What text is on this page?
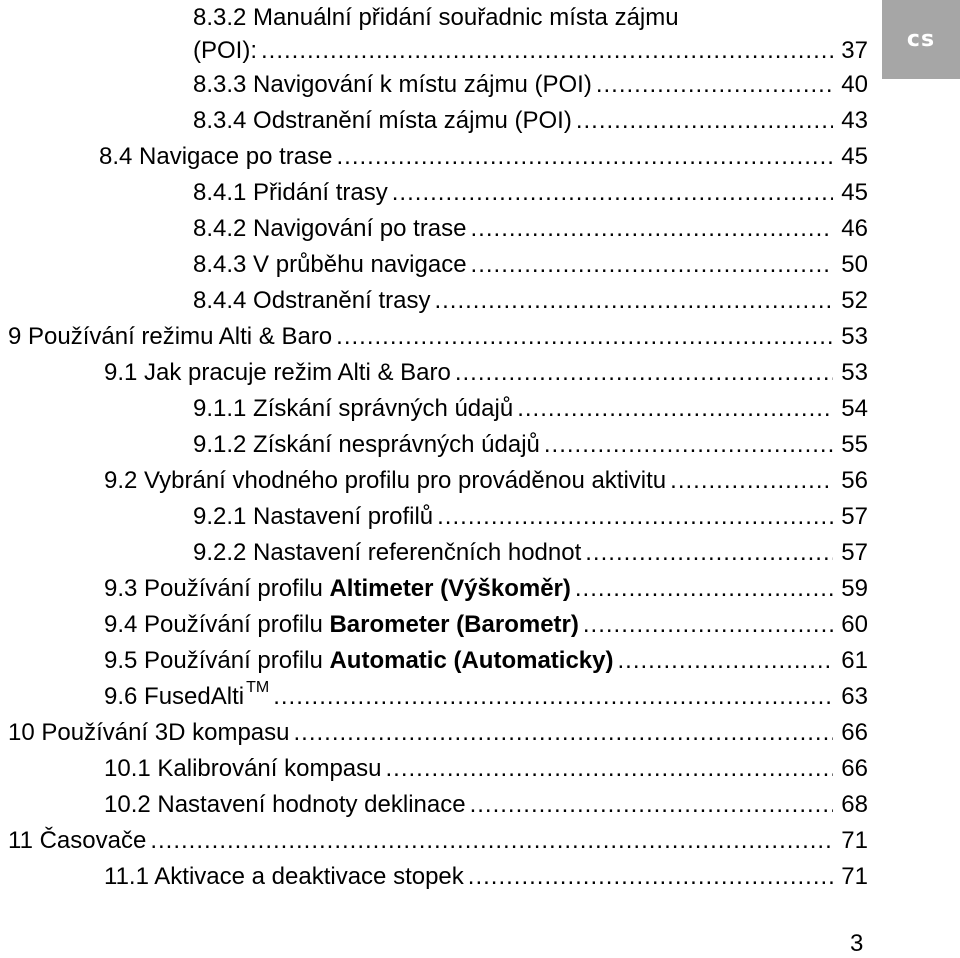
8.3.2 Manuální přidání souřadnic místa zájmu
(POI): .....	37
8.3.3 Navigování k místu zájmu (POI) .....	40
8.3.4 Odstranění místa zájmu (POI) .....	43
8.4 Navigace po trase .....	45
8.4.1 Přidání trasy .....	45
8.4.2 Navigování po trase .....	46
8.4.3 V průběhu navigace .....	50
8.4.4 Odstranění trasy .....	52
9 Používání režimu Alti & Baro .....	53
9.1 Jak pracuje režim Alti & Baro .....	53
9.1.1 Získání správných údajů .....	54
9.1.2 Získání nesprávných údajů .....	55
9.2 Vybrání vhodného profilu pro prováděnou aktivitu .....	56
9.2.1 Nastavení profilů .....	57
9.2.2 Nastavení referenčních hodnot .....	57
9.3 Používání profilu Altimeter (Výškoměr) .....	59
9.4 Používání profilu Barometer (Barometr) .....	60
9.5 Používání profilu Automatic (Automaticky) .....	61
9.6 FusedAlti ™ .....	63
10 Používání 3D kompasu .....	66
10.1 Kalibrování kompasu .....	66
10.2 Nastavení hodnoty deklinace .....	68
11 Časovače .....	71
11.1 Aktivace a deaktivace stopek .....	71
cs
3
